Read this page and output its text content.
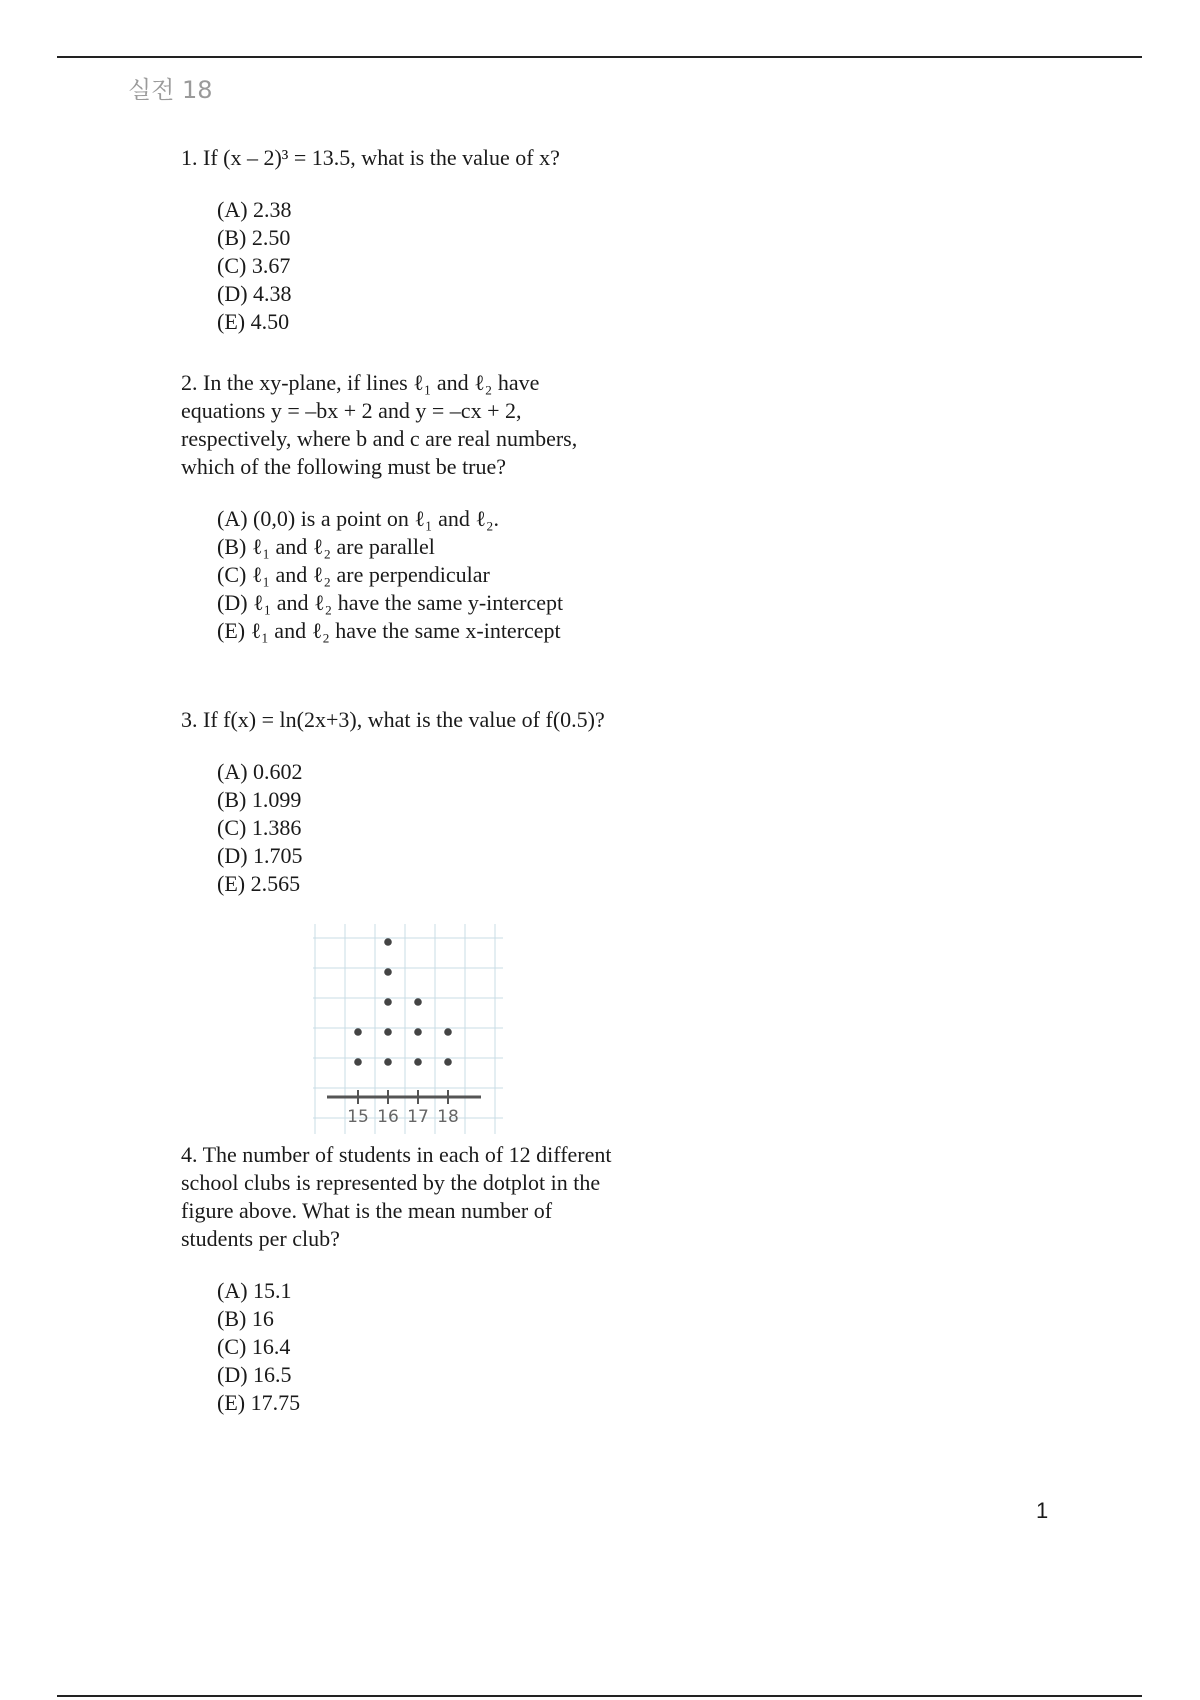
실전 18

1. If (x – 2)³ = 13.5, what is the value of x?

(A) 2.38
(B) 2.50
(C) 3.67
(D) 4.38
(E) 4.50
2. In the xy-plane, if lines ℓ₁ and ℓ₂ have
equations y = –bx + 2 and y = –cx + 2,
respectively, where b and c are real numbers,
which of the following must be true?
(A) (0,0) is a point on ℓ₁ and ℓ₂.
(B) ℓ₁ and ℓ₂ are parallel
(C) ℓ₁ and ℓ₂ are perpendicular
(D) ℓ₁ and ℓ₂ have the same y-intercept
(E) ℓ₁ and ℓ₂ have the same x-intercept

3. If f(x) = ln(2x+3), what is the value of f(0.5)?

(A) 0.602
(B) 1.099
(C) 1.386
(D) 1.705
(E) 2.565
15 16 17 18
4. The number of students in each of 12 different
school clubs is represented by the dotplot in the
figure above. What is the mean number of
students per club?
(A) 15.1
(B) 16
(C) 16.4
(D) 16.5
(E) 17.75
1
